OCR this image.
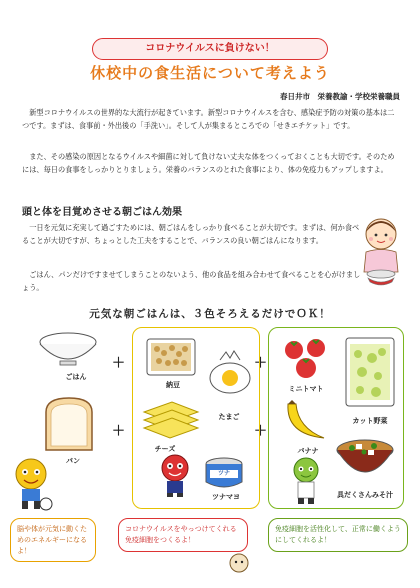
コロナウイルスに負けない！
休校中の食生活について考えよう
春日井市　栄養教諭・学校栄養職員
　新型コロナウイルスの世界的な大流行が起きています。新型コロナウイルスを含む、感染症予防の対策の基本は二つです。まずは、食事前・外出後の「手洗い」。そして人が集まるところでの「せきエチケット」です。
　また、その感染の原因となるウイルスや細菌に対して負けない丈夫な体をつくっておくことも大切です。そのためには、毎日の食事をしっかりとりましょう。栄養のバランスのとれた食事により、体の免疫力もアップしますよ。
頭と体を目覚めさせる朝ごはん効果
　一日を元気に充実して過ごすためには、朝ごはんをしっかり食べることが大切です。まずは、何か食べることが大切ですが、ちょっとした工夫をすることで、バランスの良い朝ごはんになります。
　ごはん、パンだけですませてしまうことのないよう、他の食品を組み合わせて食べることを心がけましょう。
元気な朝ごはんは、３色そろえるだけでＯＫ！
ごはん
パン
＋
＋
＋
＋
納豆
たまご
チーズ
ツナ
ツナマヨ
ミニトマト
カット野菜
バナナ
具だくさんみそ汁
脳や体が元気に動くためのエネルギーになるよ！
コロナウイルスをやっつけてくれる免疫細胞をつくるよ！
免疫細胞を活性化して、正常に働くようにしてくれるよ！
